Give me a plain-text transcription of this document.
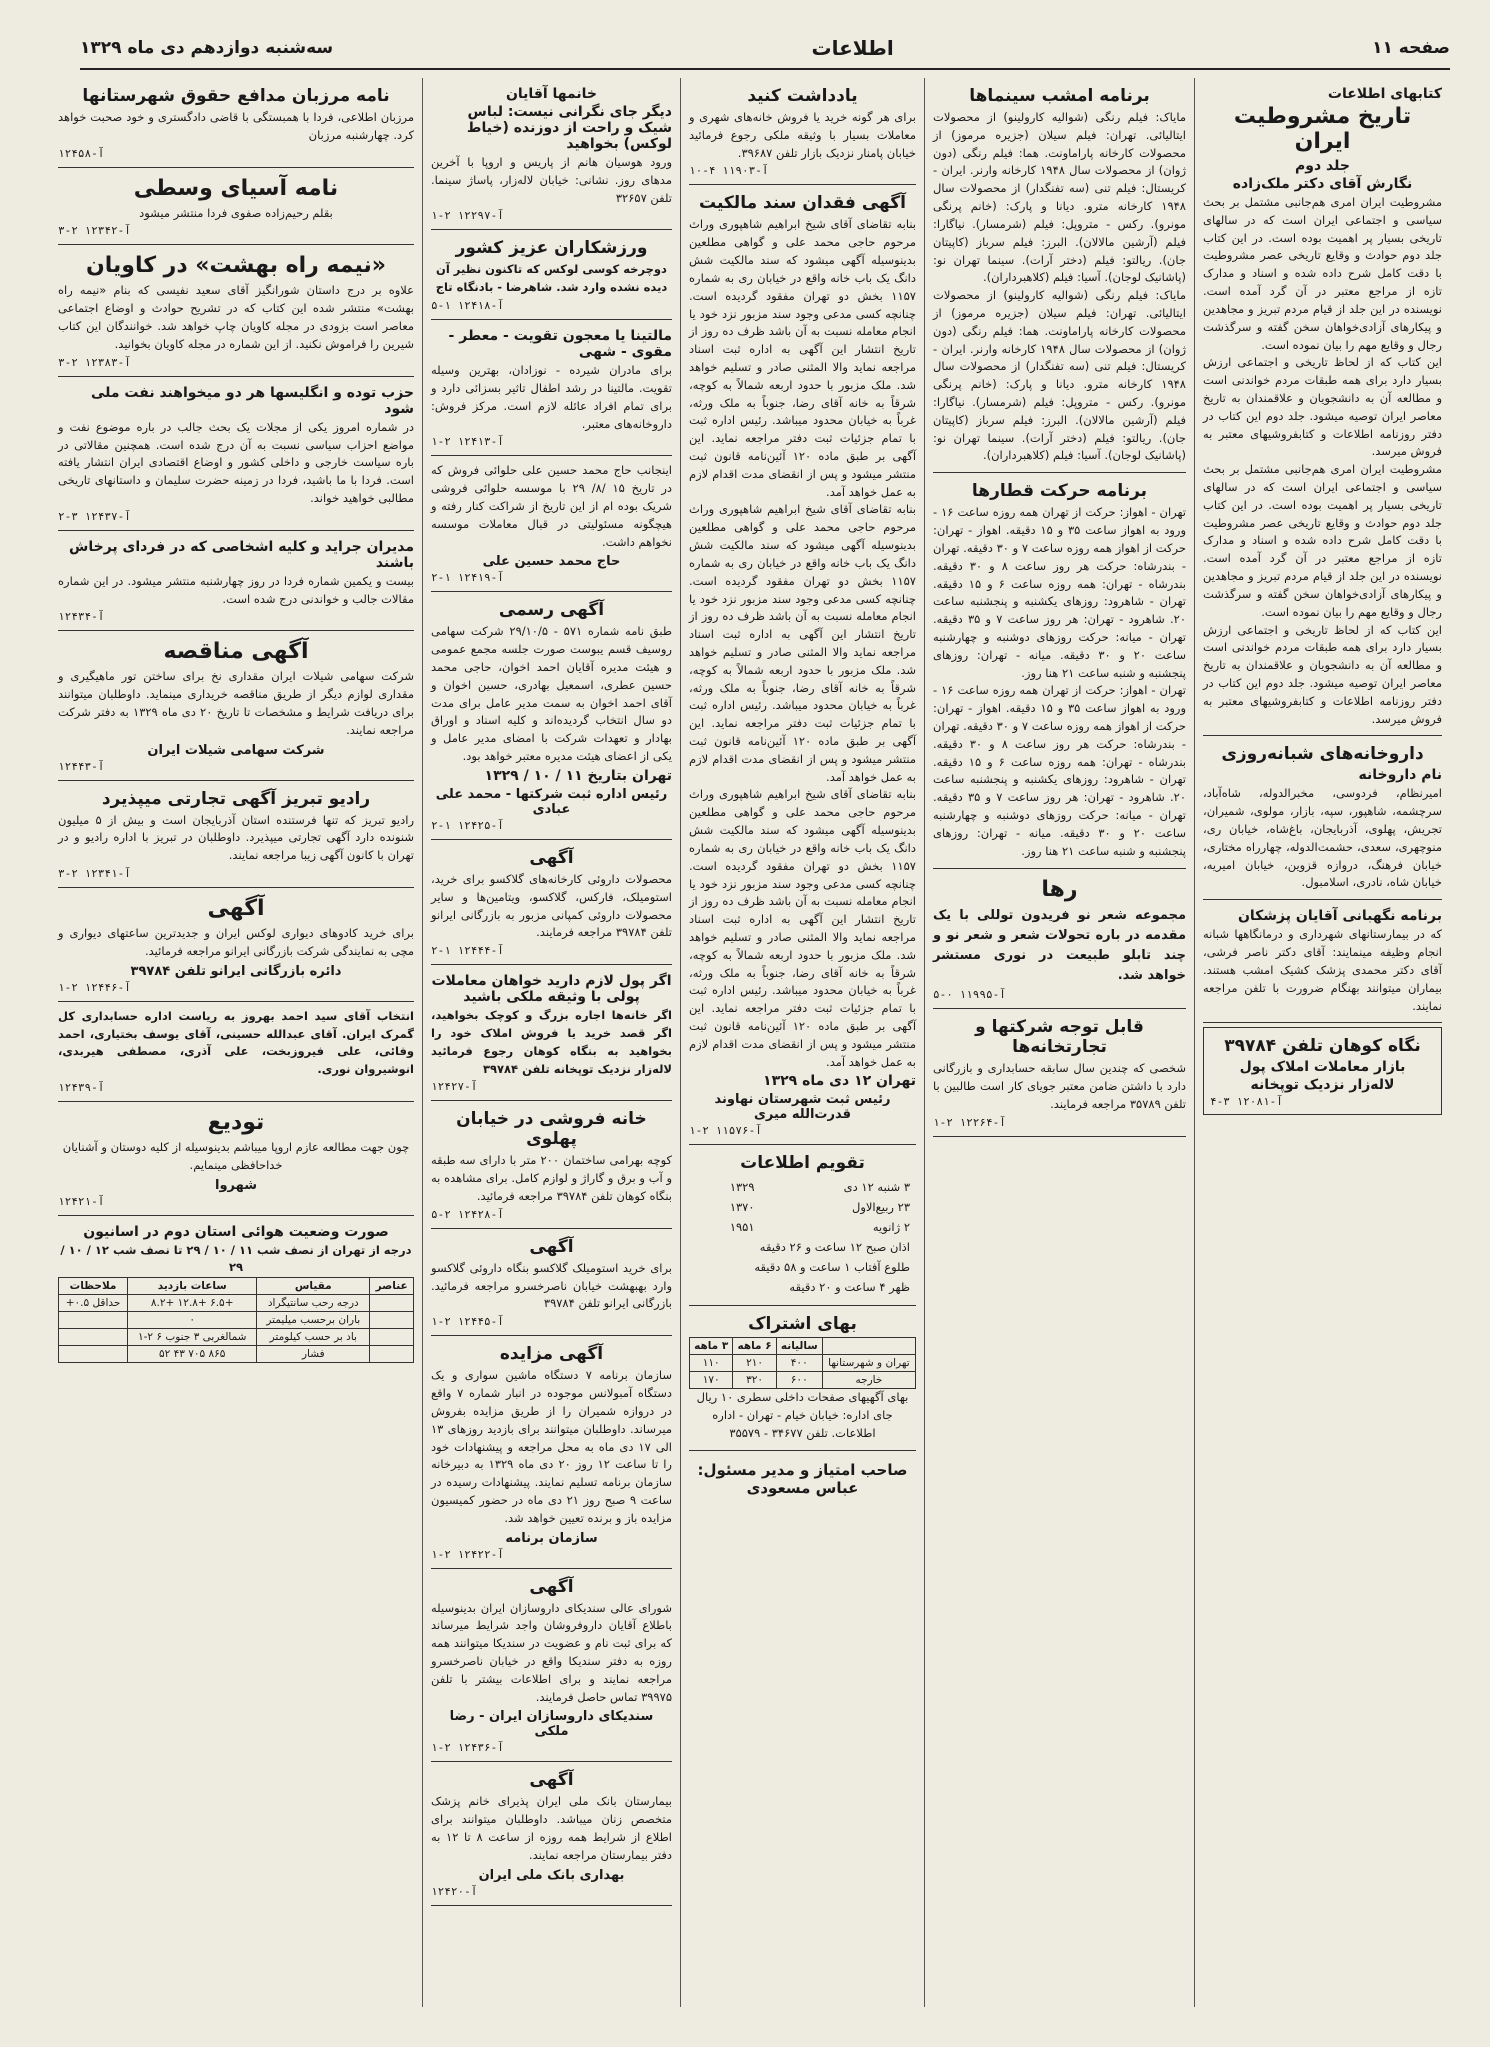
صفحه ۱۱
اطلاعات
سه‌شنبه دوازدهم دی ماه ۱۳۲۹
کتابهای اطلاعات
تاریخ مشروطیت ایران
جلد دوم
نگارش آقای دکتر ملک‌زاده
مشروطیت ایران امری هم‌جانبی مشتمل بر بحث سیاسی و اجتماعی ایران است که در سالهای تاریخی بسیار پر اهمیت بوده است. در این کتاب جلد دوم حوادث و وقایع تاریخی عصر مشروطیت با دقت کامل شرح داده شده و اسناد و مدارک تازه از مراجع معتبر در آن گرد آمده است. نویسنده در این جلد از قیام مردم تبریز و مجاهدین و پیکارهای آزادی‌خواهان سخن گفته و سرگذشت رجال و وقایع مهم را بیان نموده است.
این کتاب که از لحاظ تاریخی و اجتماعی ارزش بسیار دارد برای همه طبقات مردم خواندنی است و مطالعه آن به دانشجویان و علاقمندان به تاریخ معاصر ایران توصیه میشود. جلد دوم این کتاب در دفتر روزنامه اطلاعات و کتابفروشیهای معتبر به فروش میرسد.
مشروطیت ایران امری هم‌جانبی مشتمل بر بحث سیاسی و اجتماعی ایران است که در سالهای تاریخی بسیار پر اهمیت بوده است. در این کتاب جلد دوم حوادث و وقایع تاریخی عصر مشروطیت با دقت کامل شرح داده شده و اسناد و مدارک تازه از مراجع معتبر در آن گرد آمده است. نویسنده در این جلد از قیام مردم تبریز و مجاهدین و پیکارهای آزادی‌خواهان سخن گفته و سرگذشت رجال و وقایع مهم را بیان نموده است.
این کتاب که از لحاظ تاریخی و اجتماعی ارزش بسیار دارد برای همه طبقات مردم خواندنی است و مطالعه آن به دانشجویان و علاقمندان به تاریخ معاصر ایران توصیه میشود. جلد دوم این کتاب در دفتر روزنامه اطلاعات و کتابفروشیهای معتبر به فروش میرسد.
داروخانه‌های شبانه‌روزی
نام داروخانه
امیرنظام، فردوسی، مخبرالدوله، شاه‌آباد، سرچشمه، شاهپور، سپه، بازار، مولوی، شمیران، تجریش، پهلوی، آذربایجان، باغ‌شاه، خیابان ری، منوچهری، سعدی، حشمت‌الدوله، چهارراه مختاری، خیابان فرهنگ، دروازه قزوین، خیابان امیریه، خیابان شاه، نادری، اسلامبول.
برنامه نگهبانی آقایان پزشکان
که در بیمارستانهای شهرداری و درمانگاهها شبانه انجام وظیفه مینمایند: آقای دکتر ناصر فرشی، آقای دکتر محمدی پزشک کشیک امشب هستند. بیماران میتوانند بهنگام ضرورت با تلفن مراجعه نمایند.
نگاه کوهان تلفن ۳۹۷۸۴
بازار معاملات املاک پول
لاله‌زار نزدیک توپخانه
آ-۱۲۰۸۱ ۳-۴
برنامه امشب سینماها
مایاک: فیلم رنگی (شوالیه کارولینو) از محصولات ایتالیائی. تهران: فیلم سیلان (جزیره مرموز) از محصولات کارخانه پاراماونت. هما: فیلم رنگی (دون ژوان) از محصولات سال ۱۹۴۸ کارخانه وارنر. ایران - کریستال: فیلم تنی (سه تفنگدار) از محصولات سال ۱۹۴۸ کارخانه مترو. دیانا و پارک: (خانم پرنگی مونرو). رکس - متروپل: فیلم (شرمسار). نیاگارا: فیلم (آرشین مالالان). البرز: فیلم سرباز (کاپیتان جان). ریالتو: فیلم (دختر آرات). سینما تهران نو: (پاشانیک لوجان). آسیا: فیلم (کلاهبرداران).
مایاک: فیلم رنگی (شوالیه کارولینو) از محصولات ایتالیائی. تهران: فیلم سیلان (جزیره مرموز) از محصولات کارخانه پاراماونت. هما: فیلم رنگی (دون ژوان) از محصولات سال ۱۹۴۸ کارخانه وارنر. ایران - کریستال: فیلم تنی (سه تفنگدار) از محصولات سال ۱۹۴۸ کارخانه مترو. دیانا و پارک: (خانم پرنگی مونرو). رکس - متروپل: فیلم (شرمسار). نیاگارا: فیلم (آرشین مالالان). البرز: فیلم سرباز (کاپیتان جان). ریالتو: فیلم (دختر آرات). سینما تهران نو: (پاشانیک لوجان). آسیا: فیلم (کلاهبرداران).
برنامه حرکت قطارها
تهران - اهواز: حرکت از تهران همه روزه ساعت ۱۶ - ورود به اهواز ساعت ۳۵ و ۱۵ دقیقه. اهواز - تهران: حرکت از اهواز همه روزه ساعت ۷ و ۳۰ دقیقه. تهران - بندرشاه: حرکت هر روز ساعت ۸ و ۳۰ دقیقه. بندرشاه - تهران: همه روزه ساعت ۶ و ۱۵ دقیقه. تهران - شاهرود: روزهای یکشنبه و پنجشنبه ساعت ۲۰. شاهرود - تهران: هر روز ساعت ۷ و ۳۵ دقیقه. تهران - میانه: حرکت روزهای دوشنبه و چهارشنبه ساعت ۲۰ و ۳۰ دقیقه. میانه - تهران: روزهای پنجشنبه و شنبه ساعت ۲۱ هنا روز.
تهران - اهواز: حرکت از تهران همه روزه ساعت ۱۶ - ورود به اهواز ساعت ۳۵ و ۱۵ دقیقه. اهواز - تهران: حرکت از اهواز همه روزه ساعت ۷ و ۳۰ دقیقه. تهران - بندرشاه: حرکت هر روز ساعت ۸ و ۳۰ دقیقه. بندرشاه - تهران: همه روزه ساعت ۶ و ۱۵ دقیقه. تهران - شاهرود: روزهای یکشنبه و پنجشنبه ساعت ۲۰. شاهرود - تهران: هر روز ساعت ۷ و ۳۵ دقیقه. تهران - میانه: حرکت روزهای دوشنبه و چهارشنبه ساعت ۲۰ و ۳۰ دقیقه. میانه - تهران: روزهای پنجشنبه و شنبه ساعت ۲۱ هنا روز.
رها
مجموعه شعر نو فریدون توللی با یک مقدمه در باره تحولات شعر و شعر نو و چند تابلو طبیعت در نوری مستشر خواهد شد.
آ-۱۱۹۹۵ ۰-۵
قابل توجه شرکتها و تجارتخانه‌ها
شخصی که چندین سال سابقه حسابداری و بازرگانی دارد با داشتن ضامن معتبر جویای کار است طالبین با تلفن ۳۵۷۸۹ مراجعه فرمایند.
آ-۱۲۲۶۴ ۲-۱
یادداشت کنید
برای هر گونه خرید یا فروش خانه‌های شهری و معاملات بسیار با وثیقه ملکی رجوع فرمائید خیابان پامنار نزدیک بازار تلفن ۳۹۶۸۷.
آ-۱۱۹۰۳ ۴-۱۰
آگهی فقدان سند مالکیت
بنابه تقاضای آقای شیخ ابراهیم شاهپوری وراث مرحوم حاجی محمد علی و گواهی مطلعین بدینوسیله آگهی میشود که سند مالکیت شش دانگ یک باب خانه واقع در خیابان ری به شماره ۱۱۵۷ بخش دو تهران مفقود گردیده است. چنانچه کسی مدعی وجود سند مزبور نزد خود یا انجام معامله نسبت به آن باشد ظرف ده روز از تاریخ انتشار این آگهی به اداره ثبت اسناد مراجعه نماید والا المثنی صادر و تسلیم خواهد شد. ملک مزبور با حدود اربعه شمالاً به کوچه، شرقاً به خانه آقای رضا، جنوباً به ملک ورثه، غرباً به خیابان محدود میباشد. رئیس اداره ثبت با تمام جزئیات ثبت دفتر مراجعه نماید. این آگهی بر طبق ماده ۱۲۰ آئین‌نامه قانون ثبت منتشر میشود و پس از انقضای مدت اقدام لازم به عمل خواهد آمد.
بنابه تقاضای آقای شیخ ابراهیم شاهپوری وراث مرحوم حاجی محمد علی و گواهی مطلعین بدینوسیله آگهی میشود که سند مالکیت شش دانگ یک باب خانه واقع در خیابان ری به شماره ۱۱۵۷ بخش دو تهران مفقود گردیده است. چنانچه کسی مدعی وجود سند مزبور نزد خود یا انجام معامله نسبت به آن باشد ظرف ده روز از تاریخ انتشار این آگهی به اداره ثبت اسناد مراجعه نماید والا المثنی صادر و تسلیم خواهد شد. ملک مزبور با حدود اربعه شمالاً به کوچه، شرقاً به خانه آقای رضا، جنوباً به ملک ورثه، غرباً به خیابان محدود میباشد. رئیس اداره ثبت با تمام جزئیات ثبت دفتر مراجعه نماید. این آگهی بر طبق ماده ۱۲۰ آئین‌نامه قانون ثبت منتشر میشود و پس از انقضای مدت اقدام لازم به عمل خواهد آمد.
بنابه تقاضای آقای شیخ ابراهیم شاهپوری وراث مرحوم حاجی محمد علی و گواهی مطلعین بدینوسیله آگهی میشود که سند مالکیت شش دانگ یک باب خانه واقع در خیابان ری به شماره ۱۱۵۷ بخش دو تهران مفقود گردیده است. چنانچه کسی مدعی وجود سند مزبور نزد خود یا انجام معامله نسبت به آن باشد ظرف ده روز از تاریخ انتشار این آگهی به اداره ثبت اسناد مراجعه نماید والا المثنی صادر و تسلیم خواهد شد. ملک مزبور با حدود اربعه شمالاً به کوچه، شرقاً به خانه آقای رضا، جنوباً به ملک ورثه، غرباً به خیابان محدود میباشد. رئیس اداره ثبت با تمام جزئیات ثبت دفتر مراجعه نماید. این آگهی بر طبق ماده ۱۲۰ آئین‌نامه قانون ثبت منتشر میشود و پس از انقضای مدت اقدام لازم به عمل خواهد آمد.
تهران ۱۲ دی ماه ۱۳۲۹
رئیس ثبت شهرستان نهاوند قدرت‌الله میری
آ-۱۱۵۷۶ ۲-۱
تقویم اطلاعات
۳ شنبه ۱۲ دی	۱۳۲۹
۲۳ ربیع‌الاول	۱۳۷۰
۲ ژانویه	۱۹۵۱
اذان صبح ۱۲ ساعت و ۲۶ دقیقه	
طلوع آفتاب ۱ ساعت و ۵۸ دقیقه	
ظهر ۴ ساعت و ۲۰ دقیقه	
بهای اشتراک
	سالیانه	۶ ماهه	۳ ماهه
تهران و شهرستانها	۴۰۰	۲۱۰	۱۱۰
خارجه	۶۰۰	۳۲۰	۱۷۰
بهای آگهیهای صفحات داخلی سطری ۱۰ ریال
جای اداره: خیابان خیام - تهران - اداره اطلاعات. تلفن ۳۴۶۷۷ - ۳۵۵۷۹
صاحب امتیاز و مدیر مسئول: عباس مسعودی
خانمها آقایان
دیگر جای نگرانی نیست: لباس شیک و راحت از دوزنده (خیاط لوکس) بخواهید
ورود هوسیان هانم از پاریس و اروپا با آخرین مدهای روز. نشانی: خیابان لاله‌زار، پاساژ سینما. تلفن ۳۲۶۵۷
آ-۱۲۲۹۷ ۲-۱
ورزشکاران عزیز کشور
دوچرخه کوسی لوکس که تاکنون نظیر آن دیده نشده وارد شد. شاهرضا - بادنگاه تاج
آ-۱۲۴۱۸ ۱-۵
مالتینا یا معجون تقویت - معطر - مقوی - شهی
برای مادران شیرده - نوزادان، بهترین وسیله تقویت. مالتینا در رشد اطفال تاثیر بسزائی دارد و برای تمام افراد عائله لازم است. مرکز فروش: داروخانه‌های معتبر.
آ-۱۲۴۱۳ ۲-۱
اینجانب حاج محمد حسین علی حلوائی فروش که در تاریخ ۱۵ /۸/ ۲۹ با موسسه حلوائی فروشی شریک بوده ام از این تاریخ از شراکت کنار رفته و هیچگونه مسئولیتی در قبال معاملات موسسه نخواهم داشت.
حاج محمد حسین علی
آ-۱۲۴۱۹ ۱-۲
آگهی رسمی
طبق نامه شماره ۵۷۱ - ۲۹/۱۰/۵ شرکت سهامی روسیف قسم یبوست صورت جلسه مجمع عمومی و هیئت مدیره آقایان احمد اخوان، حاجی محمد حسین عطری، اسمعیل بهادری، حسین اخوان و آقای احمد اخوان به سمت مدیر عامل برای مدت دو سال انتخاب گردیده‌اند و کلیه اسناد و اوراق بهادار و تعهدات شرکت با امضای مدیر عامل و یکی از اعضای هیئت مدیره معتبر خواهد بود.
تهران بتاریخ ۱۱ / ۱۰ / ۱۳۲۹
رئیس اداره ثبت شرکتها - محمد علی عبادی
آ-۱۲۴۲۵ ۱-۲
آگهی
محصولات داروئی کارخانه‌های گلاکسو برای خرید، استومیلک، فارکس، گلاکسو، ویتامین‌ها و سایر محصولات داروئی کمپانی مزبور به بازرگانی ایرانو تلفن ۳۹۷۸۴ مراجعه فرمایند.
آ-۱۲۴۴۴ ۱-۲
اگر پول لازم دارید خواهان معاملات پولی با وثیقه ملکی باشید
اگر خانه‌ها اجاره بزرگ و کوچک بخواهید، اگر قصد خرید یا فروش املاک خود را بخواهید به بنگاه کوهان رجوع فرمائید لاله‌زار نزدیک توپخانه تلفن ۳۹۷۸۴
آ-۱۲۴۲۷
خانه فروشی در خیابان پهلوی
کوچه بهرامی ساختمان ۲۰۰ متر با دارای سه طبقه و آب و برق و گاراژ و لوازم کامل. برای مشاهده به بنگاه کوهان تلفن ۳۹۷۸۴ مراجعه فرمائید.
آ-۱۲۴۲۸ ۲-۵
آگهی
برای خرید استومیلک گلاکسو بنگاه داروئی گلاکسو وارد بهبهشت خیابان ناصرخسرو مراجعه فرمائید. بازرگانی ایرانو تلفن ۳۹۷۸۴
آ-۱۲۴۴۵ ۲-۱
آگهی مزایده
سازمان برنامه ۷ دستگاه ماشین سواری و یک دستگاه آمبولانس موجوده در انبار شماره ۷ واقع در دروازه شمیران را از طریق مزایده بفروش میرساند. داوطلبان میتوانند برای بازدید روزهای ۱۳ الی ۱۷ دی ماه به محل مراجعه و پیشنهادات خود را تا ساعت ۱۲ روز ۲۰ دی ماه ۱۳۲۹ به دبیرخانه سازمان برنامه تسلیم نمایند. پیشنهادات رسیده در ساعت ۹ صبح روز ۲۱ دی ماه در حضور کمیسیون مزایده باز و برنده تعیین خواهد شد.
سازمان برنامه
آ-۱۲۴۲۲ ۲-۱
آگهی
شورای عالی سندیکای داروسازان ایران بدینوسیله باطلاع آقایان داروفروشان واجد شرایط میرساند که برای ثبت نام و عضویت در سندیکا میتوانند همه روزه به دفتر سندیکا واقع در خیابان ناصرخسرو مراجعه نمایند و برای اطلاعات بیشتر با تلفن ۳۹۹۷۵ تماس حاصل فرمایند.
سندیکای داروسازان ایران - رضا ملکی
آ-۱۲۴۳۶ ۲-۱
آگهی
بیمارستان بانک ملی ایران پذیرای خانم پزشک متخصص زنان میباشد. داوطلبان میتوانند برای اطلاع از شرایط همه روزه از ساعت ۸ تا ۱۲ به دفتر بیمارستان مراجعه نمایند.
بهداری بانک ملی ایران
آ-۱۲۴۲۰
نامه مرزبان مدافع حقوق شهرستانها
مرزبان اطلاعی، فردا با همبستگی با قاضی دادگستری و خود صحبت خواهد کرد. چهارشنبه مرزبان
آ-۱۲۴۵۸
نامه آسیای وسطی
بقلم رحیم‌زاده صفوی فردا منتشر میشود
آ-۱۲۳۴۲ ۲-۳
«نیمه راه بهشت» در کاویان
علاوه بر درج داستان شورانگیز آقای سعید نفیسی که بنام «نیمه راه بهشت» منتشر شده این کتاب که در تشریح حوادث و اوضاع اجتماعی معاصر است بزودی در مجله کاویان چاپ خواهد شد. خوانندگان این کتاب شیرین را فراموش نکنید. از این شماره در مجله کاویان بخوانید.
آ-۱۲۳۸۳ ۲-۳
حزب توده و انگلیسها هر دو میخواهند نفت ملی شود
در شماره امروز یکی از مجلات یک بحث جالب در باره موضوع نفت و مواضع احزاب سیاسی نسبت به آن درج شده است. همچنین مقالاتی در باره سیاست خارجی و داخلی کشور و اوضاع اقتصادی ایران انتشار یافته است. فردا با ما باشید، فردا در زمینه حضرت سلیمان و داستانهای تاریخی مطالبی خواهید خواند.
آ-۱۲۴۳۷ ۳-۲
مدیران جراید و کلیه اشخاصی که در فردای پرخاش باشند
بیست و یکمین شماره فردا در روز چهارشنبه منتشر میشود. در این شماره مقالات جالب و خواندنی درج شده است.
آ-۱۲۴۳۴
آگهی مناقصه
شرکت سهامی شیلات ایران مقداری نخ برای ساختن تور ماهیگیری و مقداری لوازم دیگر از طریق مناقصه خریداری مینماید. داوطلبان میتوانند برای دریافت شرایط و مشخصات تا تاریخ ۲۰ دی ماه ۱۳۲۹ به دفتر شرکت مراجعه نمایند.
شرکت سهامی شیلات ایران
آ-۱۲۴۴۳
رادیو تبریز آگهی تجارتی میپذیرد
رادیو تبریز که تنها فرستنده استان آذربایجان است و بیش از ۵ میلیون شنونده دارد آگهی تجارتی میپذیرد. داوطلبان در تبریز با اداره رادیو و در تهران با کانون آگهی زیبا مراجعه نمایند.
آ-۱۲۳۴۱ ۲-۳
آگهی
برای خرید کادوهای دیواری لوکس ایران و جدیدترین ساعتهای دیواری و مچی به نمایندگی شرکت بازرگانی ایرانو مراجعه فرمائید.
دائره بازرگانی ایرانو تلفن ۳۹۷۸۴
آ-۱۲۴۴۶ ۲-۱
انتخاب آقای سید احمد بهروز به ریاست اداره حسابداری کل گمرک ایران. آقای عبدالله حسینی، آقای یوسف بختیاری، احمد وفائی، علی فیروزبخت، علی آذری، مصطفی هیربدی، انوشیروان نوری.
آ-۱۲۴۳۹
تودیع
چون جهت مطالعه عازم اروپا میباشم بدینوسیله از کلیه دوستان و آشنایان خداحافظی مینمایم.
شهروا
آ-۱۲۴۲۱
صورت وضعیت هوائی استان دوم در اسانیون
درجه از تهران از نصف شب ۱۱ / ۱۰ / ۲۹ تا نصف شب ۱۲ / ۱۰ / ۲۹
عناصر	مقیاس	ساعات بازدید	ملاحظات
	درجه رحب سانتیگراد	+۶.۵ +۱۲.۸ +۸.۲	حداقل ۰.۵+
	باران برحسب میلیمتر	۰	
	باد بر حسب کیلومتر	شمالغربی ۳ جنوب ۶ ۲-۱	
	فشار	۸۶۵ ۷۰۵ ۴۳ ۵۲	
